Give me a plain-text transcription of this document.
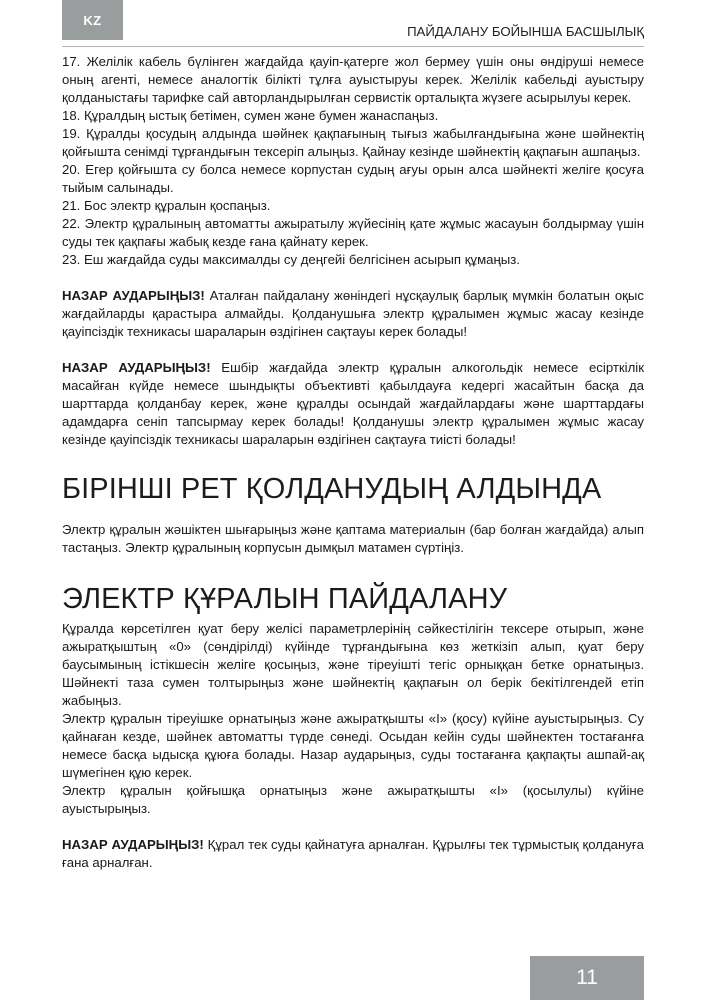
KZ
ПАЙДАЛАНУ БОЙЫНША БАСШЫЛЫҚ

17. Желілік кабель бүлінген жағдайда қауіп-қатерге жол бермеу үшін оны өндіруші немесе оның агенті, немесе аналогтік білікті тұлға ауыстыруы керек. Желілік кабельді ауыстыру қолданыстағы тарифке сай авторландырылған сервистік орталықта жүзеге асырылуы керек.

18. Құралдың ыстық бетімен, сумен және бумен жанаспаңыз.

19. Құралды қосудың алдында шәйнек қақпағының тығыз жабылғандығына және шәйнектің қойғышта сенімді тұрғандығын тексеріп алыңыз. Қайнау кезінде шәйнектің қақпағын ашпаңыз.

20. Егер қойғышта су болса немесе корпустан судың ағуы орын алса шәйнекті желіге қосуға тыйым салынады.

21. Бос электр құралын қоспаңыз.

22. Электр құралының автоматты ажыратылу жүйесінің қате жұмыс жасауын болдырмау үшін суды тек қақпағы жабық кезде ғана қайнату керек.

23. Еш жағдайда суды максималды су деңгейі белгісінен асырып құмаңыз.

НАЗАР АУДАРЫҢЫЗ! Аталған пайдалану жөніндегі нұсқаулық барлық мүмкін болатын оқыс жағдайларды қарастыра алмайды. Қолданушыға электр құралымен жұмыс жасау кезінде қауіпсіздік техникасы шараларын өздігінен сақтауы керек болады!

НАЗАР АУДАРЫҢЫЗ! Ешбір жағдайда электр құралын алкогольдік немесе есірткілік масайған күйде немесе шындықты объективті қабылдауға кедергі жасайтын басқа да шарттарда қолданбау керек, және құралды осындай жағдайлардағы және шарттардағы адамдарға сеніп тапсырмау керек болады! Қолданушы электр құралымен жұмыс жасау кезінде қауіпсіздік техникасы шараларын өздігінен сақтауға тиісті болады!

БІРІНШІ РЕТ ҚОЛДАНУДЫҢ АЛДЫНДА

Электр құралын жәшіктен шығарыңыз және қаптама материалын (бар болған жағдайда) алып тастаңыз. Электр құралының корпусын дымқыл матамен сүртіңіз.

ЭЛЕКТР ҚҰРАЛЫН ПАЙДАЛАНУ

Құралда көрсетілген қуат беру желісі параметрлерінің сәйкестілігін тексере отырып, және ажыратқыштың «0» (сөндірілді) күйінде тұрғандығына көз жеткізіп алып, қуат беру баусымының істікшесін желіге қосыңыз, және тіреуішті тегіс орныққан бетке орнатыңыз. Шәйнекті таза сумен толтырыңыз және шәйнектің қақпағын ол берік бекітілгендей етіп жабыңыз.

Электр құралын тіреуішке орнатыңыз және ажыратқышты «I» (қосу) күйіне ауыстырыңыз. Су қайнаған кезде, шәйнек автоматты түрде сөнеді. Осыдан кейін суды шәйнектен тостағанға немесе басқа ыдысқа құюға болады. Назар аударыңыз, суды тостағанға қақпақты ашпай-ақ шүмегінен құю керек.

Электр құралын қойғышқа орнатыңыз және ажыратқышты «I» (қосылулы) күйіне ауыстырыңыз.

НАЗАР АУДАРЫҢЫЗ! Құрал тек суды қайнатуға арналған. Құрылғы тек тұрмыстық қолдануға ғана арналған.

11
